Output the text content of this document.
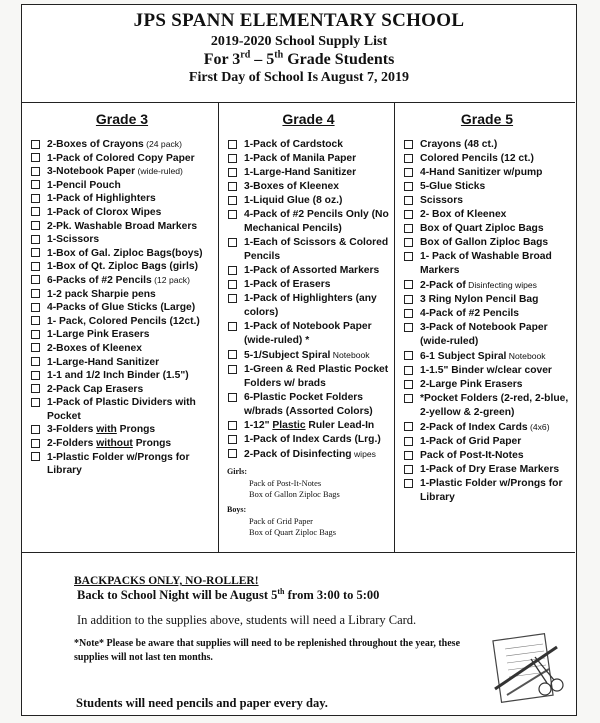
JPS SPANN ELEMENTARY SCHOOL
2019-2020 School Supply List
For 3rd – 5th Grade Students
First Day of School Is August 7, 2019
Grade 3
2-Boxes of Crayons (24 pack)
1-Pack of Colored Copy Paper
3-Notebook Paper (wide-ruled)
1-Pencil Pouch
1-Pack of Highlighters
1-Pack of Clorox Wipes
2-Pk. Washable Broad Markers
1-Scissors
1-Box of Gal. Ziploc Bags(boys)
1-Box of Qt. Ziploc Bags (girls)
6-Packs of #2 Pencils (12 pack)
1-2 pack Sharpie pens
4-Packs of Glue Sticks (Large)
1- Pack, Colored Pencils (12ct.)
1-Large Pink Erasers
2-Boxes of Kleenex
1-Large-Hand Sanitizer
1-1 and 1/2 Inch Binder (1.5")
2-Pack Cap Erasers
1-Pack of Plastic Dividers with Pocket
3-Folders with Prongs
2-Folders without Prongs
1-Plastic Folder w/Prongs for Library
Grade 4
1-Pack of Cardstock
1-Pack of Manila Paper
1-Large-Hand Sanitizer
3-Boxes of Kleenex
1-Liquid Glue (8 oz.)
4-Pack of #2 Pencils Only (No Mechanical Pencils)
1-Each of Scissors & Colored Pencils
1-Pack of Assorted Markers
1-Pack of Erasers
1-Pack of Highlighters (any colors)
1-Pack of Notebook Paper (wide-ruled) *
5-1/Subject Spiral Notebook
1-Green & Red Plastic Pocket Folders w/ brads
6-Plastic Pocket Folders w/brads (Assorted Colors)
1-12" Plastic Ruler Lead-In
1-Pack of Index Cards (Lrg.)
2-Pack of Disinfecting wipes
Girls:
Pack of Post-It-Notes
Box of Gallon Ziploc Bags
Boys:
Pack of Grid Paper
Box of Quart Ziploc Bags
Grade 5
Crayons (48 ct.)
Colored Pencils (12 ct.)
4-Hand Sanitizer w/pump
5-Glue Sticks
Scissors
2- Box of Kleenex
Box of Quart Ziploc Bags
Box of Gallon Ziploc Bags
1- Pack of Washable Broad Markers
2-Pack of Disinfecting wipes
3 Ring Nylon Pencil Bag
4-Pack of #2 Pencils
3-Pack of Notebook Paper (wide-ruled)
6-1 Subject Spiral Notebook
1-1.5" Binder w/clear cover
2-Large Pink Erasers
*Pocket Folders (2-red, 2-blue, 2-yellow & 2-green)
2-Pack of Index Cards (4x6)
1-Pack of Grid Paper
Pack of Post-It-Notes
1-Pack of Dry Erase Markers
1-Plastic Folder w/Prongs for Library
BACKPACKS ONLY, NO-ROLLER!
Back to School Night will be August 5th from 3:00 to 5:00
In addition to the supplies above, students will need a Library Card.
*Note* Please be aware that supplies will need to be replenished throughout the year, these supplies will not last ten months.
Students will need pencils and paper every day.
